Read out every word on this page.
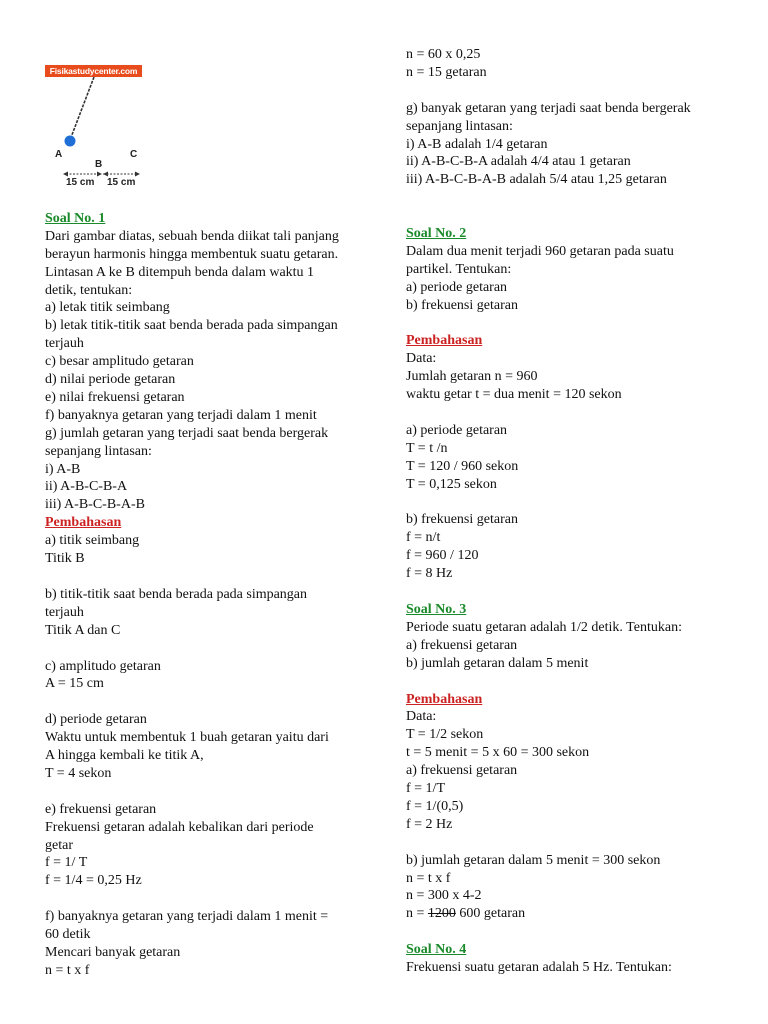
Fisikastudycenter.com
A
B
C
15 cm 15 cm
Soal No. 1
Dari gambar diatas, sebuah benda diikat tali panjang
berayun harmonis hingga membentuk suatu getaran.
Lintasan A ke B ditempuh benda dalam waktu 1
detik, tentukan:
a) letak titik seimbang
b) letak titik-titik saat benda berada pada simpangan
terjauh
c) besar amplitudo getaran
d) nilai periode getaran
e) nilai frekuensi getaran
f) banyaknya getaran yang terjadi dalam 1 menit
g) jumlah getaran yang terjadi saat benda bergerak
sepanjang lintasan:
i) A-B
ii) A-B-C-B-A
iii) A-B-C-B-A-B
Pembahasan
a) titik seimbang
Titik B
b) titik-titik saat benda berada pada simpangan
terjauh
Titik A dan C
c) amplitudo getaran
A = 15 cm
d) periode getaran
Waktu untuk membentuk 1 buah getaran yaitu dari
A hingga kembali ke titik A,
T = 4 sekon
e) frekuensi getaran
Frekuensi getaran adalah kebalikan dari periode
getar
f = 1/ T
f = 1/4 = 0,25 Hz
f) banyaknya getaran yang terjadi dalam 1 menit =
60 detik
Mencari banyak getaran
n = t x f
n = 60 x 0,25
n = 15 getaran
g) banyak getaran yang terjadi saat benda bergerak
sepanjang lintasan:
i) A-B adalah 1/4 getaran
ii) A-B-C-B-A adalah 4/4 atau 1 getaran
iii) A-B-C-B-A-B adalah 5/4 atau 1,25 getaran
Soal No. 2
Dalam dua menit terjadi 960 getaran pada suatu
partikel. Tentukan:
a) periode getaran
b) frekuensi getaran
Pembahasan
Data:
Jumlah getaran n = 960
waktu getar t = dua menit = 120 sekon
a) periode getaran
T = t /n
T = 120 / 960 sekon
T = 0,125 sekon
b) frekuensi getaran
f = n/t
f = 960 / 120
f = 8 Hz
Soal No. 3
Periode suatu getaran adalah 1/2 detik. Tentukan:
a) frekuensi getaran
b) jumlah getaran dalam 5 menit
Pembahasan
Data:
T = 1/2 sekon
t = 5 menit = 5 x 60 = 300 sekon
a) frekuensi getaran
f = 1/T
f = 1/(0,5)
f = 2 Hz
b) jumlah getaran dalam 5 menit = 300 sekon
n = t x f
n = 300 x 4-2
n = 1200 600 getaran
Soal No. 4
Frekuensi suatu getaran adalah 5 Hz. Tentukan:
